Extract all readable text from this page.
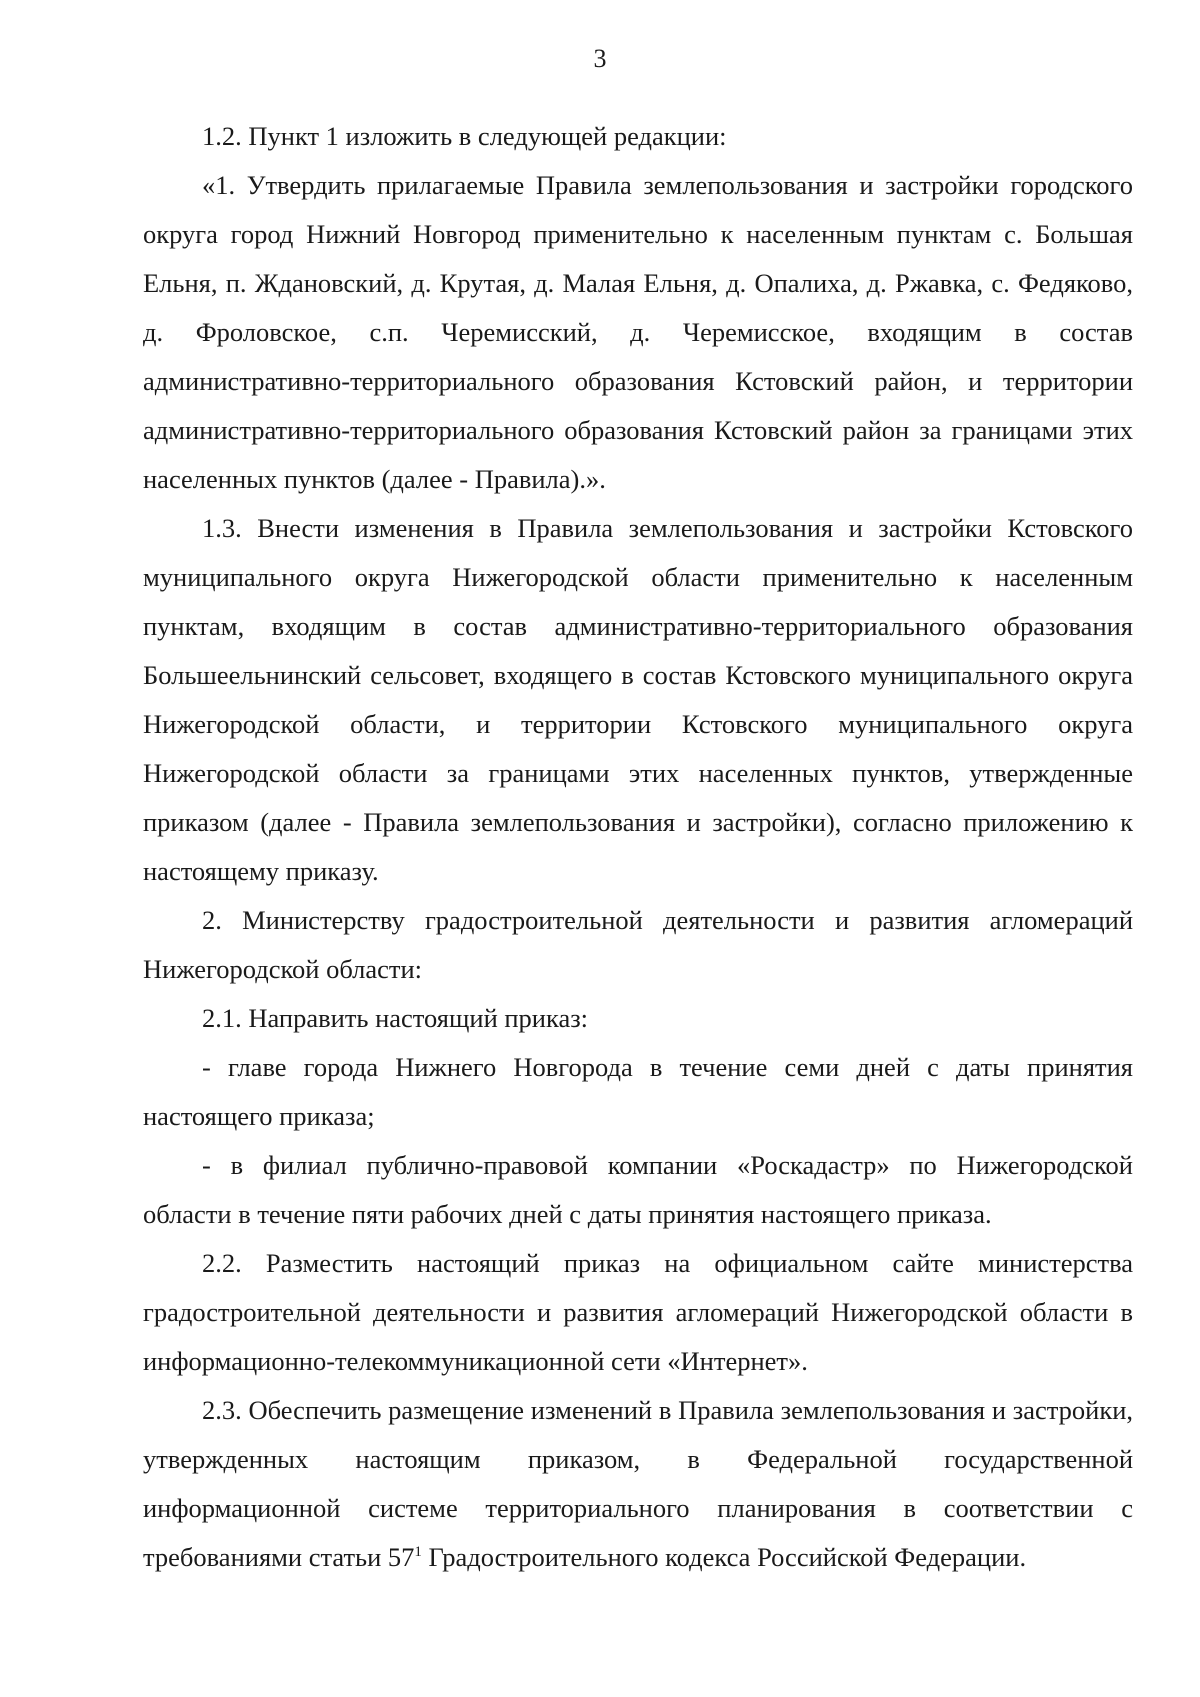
3

1.2. Пункт 1 изложить в следующей редакции:

«1. Утвердить прилагаемые Правила землепользования и застройки городского округа город Нижний Новгород применительно к населенным пунктам с. Большая Ельня, п. Ждановский, д. Крутая, д. Малая Ельня, д. Опалиха, д. Ржавка, с. Федяково, д. Фроловское, с.п. Черемисский, д. Черемисское, входящим в состав административно-территориального образования Кстовский район, и территории административно-территориального образования Кстовский район за границами этих населенных пунктов (далее - Правила).».

1.3. Внести изменения в Правила землепользования и застройки Кстовского муниципального округа Нижегородской области применительно к населенным пунктам, входящим в состав административно-территориального образования Большеельнинский сельсовет, входящего в состав Кстовского муниципального округа Нижегородской области, и территории Кстовского муниципального округа Нижегородской области за границами этих населенных пунктов, утвержденные приказом (далее - Правила землепользования и застройки), согласно приложению к настоящему приказу.

2. Министерству градостроительной деятельности и развития агломераций Нижегородской области:

2.1. Направить настоящий приказ:

- главе города Нижнего Новгорода в течение семи дней с даты принятия настоящего приказа;

- в филиал публично-правовой компании «Роскадастр» по Нижегородской области в течение пяти рабочих дней с даты принятия настоящего приказа.

2.2. Разместить настоящий приказ на официальном сайте министерства градостроительной деятельности и развития агломераций Нижегородской области в информационно-телекоммуникационной сети «Интернет».

2.3. Обеспечить размещение изменений в Правила землепользования и застройки, утвержденных настоящим приказом, в Федеральной государственной информационной системе территориального планирования в соответствии с требованиями статьи $57^1$ Градостроительного кодекса Российской Федерации.
